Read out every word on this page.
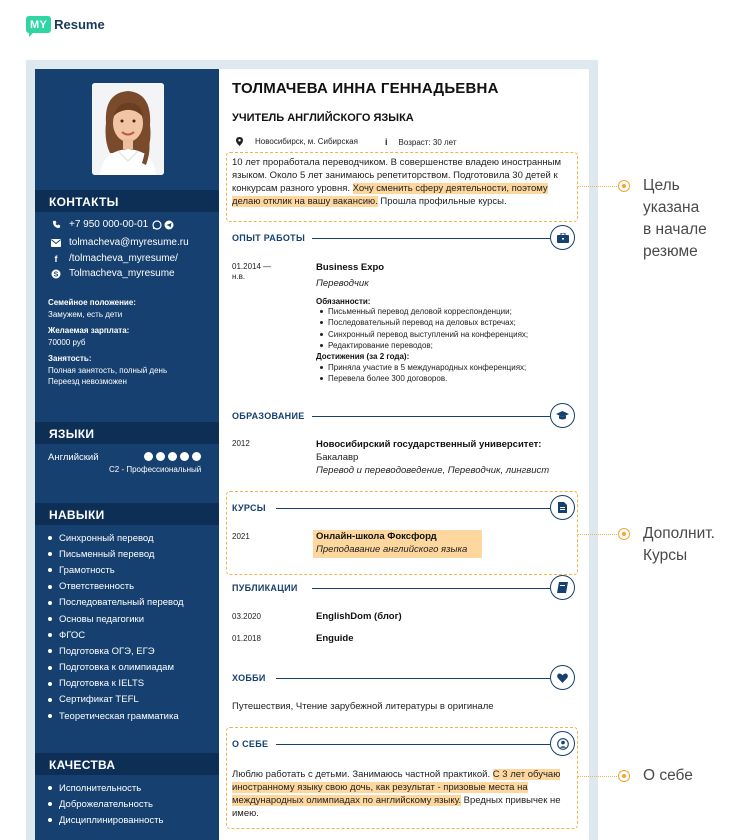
MY Resume
КОНТАКТЫ
+7 950 000-00-01
tolmacheva@myresume.ru
f	/tolmacheva_myresume/
S Tolmacheva_myresume
Семейное положение:
Замужем, есть дети
Желаемая зарплата:
70000 руб
Занятость:
Полная занятость, полный день
Переезд невозможен
ЯЗЫКИ
Английский
C2 - Профессиональный
НАВЫКИ
Синхронный перевод
Письменный перевод
Грамотность
Ответственность
Последовательный перевод
Основы педагогики
ФГОС
Подготовка ОГЭ, ЕГЭ
Подготовка к олимпиадам
Подготовка к IELTS
Сертификат TEFL
Теоретическая грамматика
КАЧЕСТВА
Исполнительность
Доброжелательность
Дисциплинированность
ТОЛМАЧЕВА ИННА ГЕННАДЬЕВНА
УЧИТЕЛЬ АНГЛИЙСКОГО ЯЗЫКА
Новосибирск, м. Сибирская	i Возраст: 30 лет
10 лет проработала переводчиком. В совершенстве владею иностранным языком. Около 5 лет занимаюсь репетиторством. Подготовила 30 детей к конкурсам разного уровня. Хочу сменить сферу деятельности, поэтому делаю отклик на вашу вакансию. Прошла профильные курсы.
ОПЫТ РАБОТЫ
01.2014 —
н.в.
Business Expo
Переводчик
Обязанности:
Письменный перевод деловой корреспонденции;
Последовательный перевод на деловых встречах;
Синхронный перевод выступлений на конференциях;
Редактирование переводов;
Достижения (за 2 года):
Приняла участие в 5 международных конференциях;
Перевела более 300 договоров.
ОБРАЗОВАНИЕ
2012	Новосибирский государственный университет:
Бакалавр
Перевод и переводоведение, Переводчик, лингвист
КУРСЫ
2021	Онлайн-школа Фоксфорд
Преподавание английского языка
ПУБЛИКАЦИИ
03.2020	EnglishDom (блог)
01.2018	Enguide
ХОББИ
Путешествия, Чтение зарубежной литературы в оригинале
О СЕБЕ
Люблю работать с детьми. Занимаюсь частной практикой. С 3 лет обучаю иностранному языку свою дочь, как результат - призовые места на международных олимпиадах по английскому языку. Вредных привычек не имею.
Цель
указана
в начале
резюме
Дополнит.
Курсы
О себе
